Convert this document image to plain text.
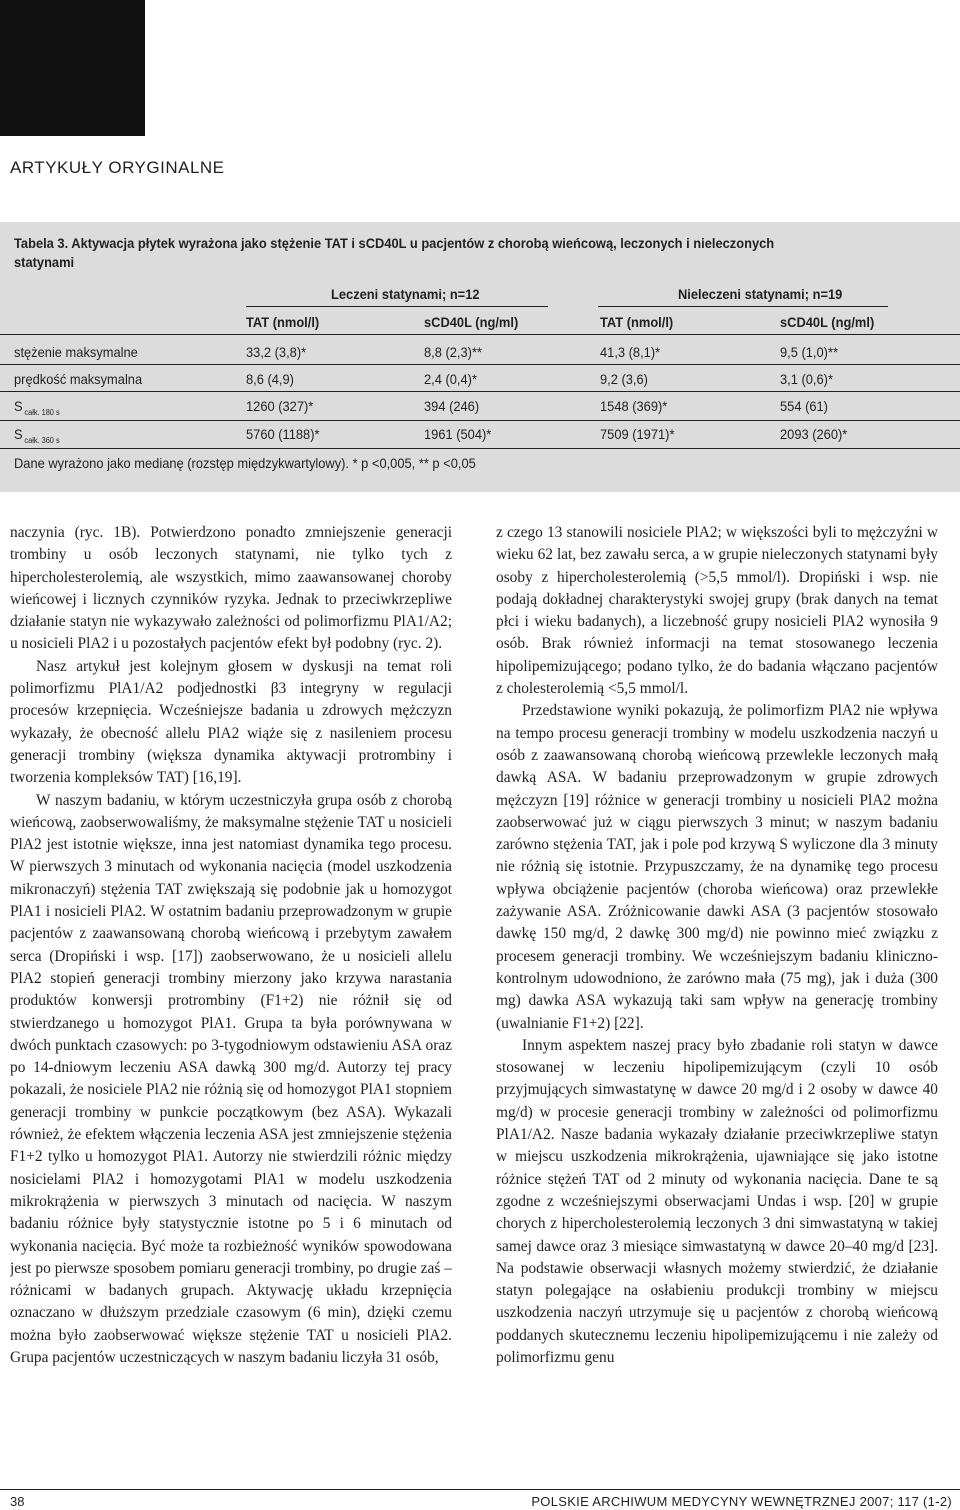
ARTYKUŁY ORYGINALNE
Tabela 3. Aktywacja płytek wyrażona jako stężenie TAT i sCD40L u pacjentów z chorobą wieńcową, leczonych i nieleczonych statynami
Leczeni statynami; n=12	Nieleczeni statynami; n=19
TAT (nmol/l)	sCD40L (ng/ml)	TAT (nmol/l)	sCD40L (ng/ml)
stężenie maksymalne	33,2 (3,8)*	8,8 (2,3)**	41,3 (8,1)*	9,5 (1,0)**
prędkość maksymalna	8,6 (4,9)	2,4 (0,4)*	9,2 (3,6)	3,1 (0,6)*
S $_{całk. 180 s}$	1260 (327)*	394 (246)	1548 (369)*	554 (61)
S $_{całk. 360 s}$	5760 (1188)*	1961 (504)*	7509 (1971)*	2093 (260)*
Dane wyrażono jako medianę (rozstęp międzykwartylowy). * p <0,005, ** p <0,05

naczynia (ryc. 1B). Potwierdzono ponadto zmniejszenie generacji trombiny u osób leczonych statynami, nie tylko tych z hipercholesterolemią, ale wszystkich, mimo zaawansowanej choroby wieńcowej i licznych czynników ryzyka. Jednak to przeciwkrzepliwe działanie statyn nie wykazywało zależności od polimorfizmu PlA1/A2; u nosicieli PlA2 i u pozostałych pacjentów efekt był podobny (ryc. 2).

Nasz artykuł jest kolejnym głosem w dyskusji na temat roli polimorfizmu PlA1/A2 podjednostki β3 integryny w regulacji procesów krzepnięcia. Wcześniejsze badania u zdrowych mężczyzn wykazały, że obecność allelu PlA2 wiąże się z nasileniem procesu generacji trombiny (większa dynamika aktywacji protrombiny i tworzenia kompleksów TAT) [16,19].

W naszym badaniu, w którym uczestniczyła grupa osób z chorobą wieńcową, zaobserwowaliśmy, że maksymalne stężenie TAT u nosicieli PlA2 jest istotnie większe, inna jest natomiast dynamika tego procesu. W pierwszych 3 minutach od wykonania nacięcia (model uszkodzenia mikronaczyń) stężenia TAT zwiększają się podobnie jak u homozygot PlA1 i nosicieli PlA2. W ostatnim badaniu przeprowadzonym w grupie pacjentów z zaawansowaną chorobą wieńcową i przebytym zawałem serca (Dropiński i wsp. [17]) zaobserwowano, że u nosicieli allelu PlA2 stopień generacji trombiny mierzony jako krzywa narastania produktów konwersji protrombiny (F1+2) nie różnił się od stwierdzanego u homozygot PlA1. Grupa ta była porównywana w dwóch punktach czasowych: po 3-tygodniowym odstawieniu ASA oraz po 14-dniowym leczeniu ASA dawką 300 mg/d. Autorzy tej pracy pokazali, że nosiciele PlA2 nie różnią się od homozygot PlA1 stopniem generacji trombiny w punkcie początkowym (bez ASA). Wykazali również, że efektem włączenia leczenia ASA jest zmniejszenie stężenia F1+2 tylko u homozygot PlA1. Autorzy nie stwierdzili różnic między nosicielami PlA2 i homozygotami PlA1 w modelu uszkodzenia mikrokrążenia w pierwszych 3 minutach od nacięcia. W naszym badaniu różnice były statystycznie istotne po 5 i 6 minutach od wykonania nacięcia. Być może ta rozbieżność wyników spowodowana jest po pierwsze sposobem pomiaru generacji trombiny, po drugie zaś – różnicami w badanych grupach. Aktywację układu krzepnięcia oznaczano w dłuższym przedziale czasowym (6 min), dzięki czemu można było zaobserwować większe stężenie TAT u nosicieli PlA2. Grupa pacjentów uczestniczących w naszym badaniu liczyła 31 osób,

z czego 13 stanowili nosiciele PlA2; w większości byli to mężczyźni w wieku 62 lat, bez zawału serca, a w grupie nieleczonych statynami były osoby z hipercholesterolemią (>5,5 mmol/l). Dropiński i wsp. nie podają dokładnej charakterystyki swojej grupy (brak danych na temat płci i wieku badanych), a liczebność grupy nosicieli PlA2 wynosiła 9 osób. Brak również informacji na temat stosowanego leczenia hipolipemizującego; podano tylko, że do badania włączano pacjentów z cholesterolemią <5,5 mmol/l.

Przedstawione wyniki pokazują, że polimorfizm PlA2 nie wpływa na tempo procesu generacji trombiny w modelu uszkodzenia naczyń u osób z zaawansowaną chorobą wieńcową przewlekle leczonych małą dawką ASA. W badaniu przeprowadzonym w grupie zdrowych mężczyzn [19] różnice w generacji trombiny u nosicieli PlA2 można zaobserwować już w ciągu pierwszych 3 minut; w naszym badaniu zarówno stężenia TAT, jak i pole pod krzywą S wyliczone dla 3 minuty nie różnią się istotnie. Przypuszczamy, że na dynamikę tego procesu wpływa obciążenie pacjentów (choroba wieńcowa) oraz przewlekłe zażywanie ASA. Zróżnicowanie dawki ASA (3 pacjentów stosowało dawkę 150 mg/d, 2 dawkę 300 mg/d) nie powinno mieć związku z procesem generacji trombiny. We wcześniejszym badaniu kliniczno-kontrolnym udowodniono, że zarówno mała (75 mg), jak i duża (300 mg) dawka ASA wykazują taki sam wpływ na generację trombiny (uwalnianie F1+2) [22].

Innym aspektem naszej pracy było zbadanie roli statyn w dawce stosowanej w leczeniu hipolipemizującym (czyli 10 osób przyjmujących simwastatynę w dawce 20 mg/d i 2 osoby w dawce 40 mg/d) w procesie generacji trombiny w zależności od polimorfizmu PlA1/A2. Nasze badania wykazały działanie przeciwkrzepliwe statyn w miejscu uszkodzenia mikrokrążenia, ujawniające się jako istotne różnice stężeń TAT od 2 minuty od wykonania nacięcia. Dane te są zgodne z wcześniejszymi obserwacjami Undas i wsp. [20] w grupie chorych z hipercholesterolemią leczonych 3 dni simwastatyną w takiej samej dawce oraz 3 miesiące simwastatyną w dawce 20–40 mg/d [23]. Na podstawie obserwacji własnych możemy stwierdzić, że działanie statyn polegające na osłabieniu produkcji trombiny w miejscu uszkodzenia naczyń utrzymuje się u pacjentów z chorobą wieńcową poddanych skutecznemu leczeniu hipolipemizującemu i nie zależy od polimorfizmu genu

38	POLSKIE ARCHIWUM MEDYCYNY WEWNĘTRZNEJ 2007; 117 (1-2)
